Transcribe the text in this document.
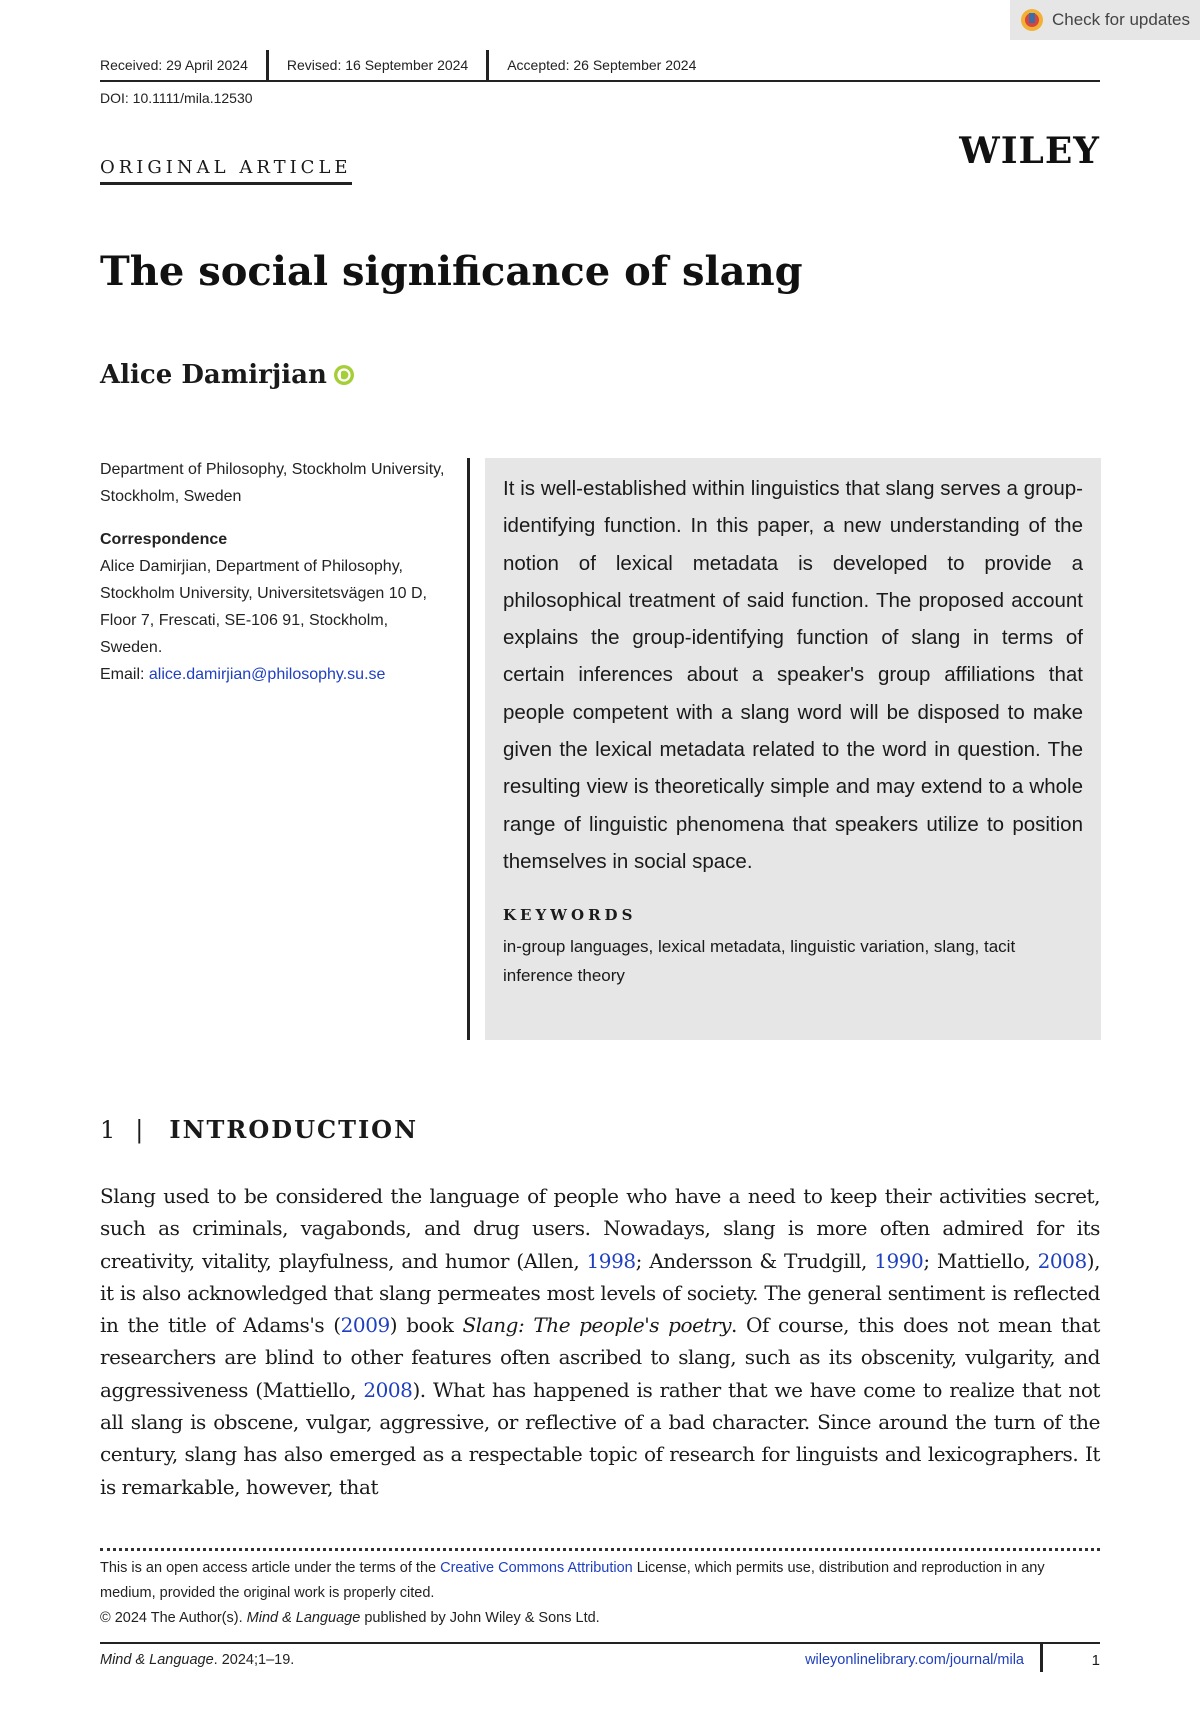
Check for updates
Received: 29 April 2024	Revised: 16 September 2024	Accepted: 26 September 2024
DOI: 10.1111/mila.12530
ORIGINAL ARTICLE	WILEY
The social significance of slang
Alice Damirjian

Department of Philosophy, Stockholm University, Stockholm, Sweden

Correspondence

Alice Damirjian, Department of Philosophy, Stockholm University, Universitetsvägen 10 D, Floor 7, Frescati, SE-106 91, Stockholm, Sweden.

Email: alice.damirjian@philosophy.su.se

It is well-established within linguistics that slang serves a group-identifying function. In this paper, a new understanding of the notion of lexical metadata is developed to provide a philosophical treatment of said function. The proposed account explains the group-identifying function of slang in terms of certain inferences about a speaker's group affiliations that people competent with a slang word will be disposed to make given the lexical metadata related to the word in question. The resulting view is theoretically simple and may extend to a whole range of linguistic phenomena that speakers utilize to position themselves in social space.

KEYWORDS

in-group languages, lexical metadata, linguistic variation, slang, tacit inference theory

1 | INTRODUCTION

Slang used to be considered the language of people who have a need to keep their activities secret, such as criminals, vagabonds, and drug users. Nowadays, slang is more often admired for its creativity, vitality, playfulness, and humor (Allen, 1998; Andersson & Trudgill, 1990; Mattiello, 2008), it is also acknowledged that slang permeates most levels of society. The general sentiment is reflected in the title of Adams's (2009) book Slang: The people's poetry. Of course, this does not mean that researchers are blind to other features often ascribed to slang, such as its obscenity, vulgarity, and aggressiveness (Mattiello, 2008). What has happened is rather that we have come to realize that not all slang is obscene, vulgar, aggressive, or reflective of a bad character. Since around the turn of the century, slang has also emerged as a respectable topic of research for linguists and lexicographers. It is remarkable, however, that

This is an open access article under the terms of the Creative Commons Attribution License, which permits use, distribution and reproduction in any medium, provided the original work is properly cited.

© 2024 The Author(s). Mind & Language published by John Wiley & Sons Ltd.

Mind & Language. 2024;1–19.	wileyonlinelibrary.com/journal/mila	1
